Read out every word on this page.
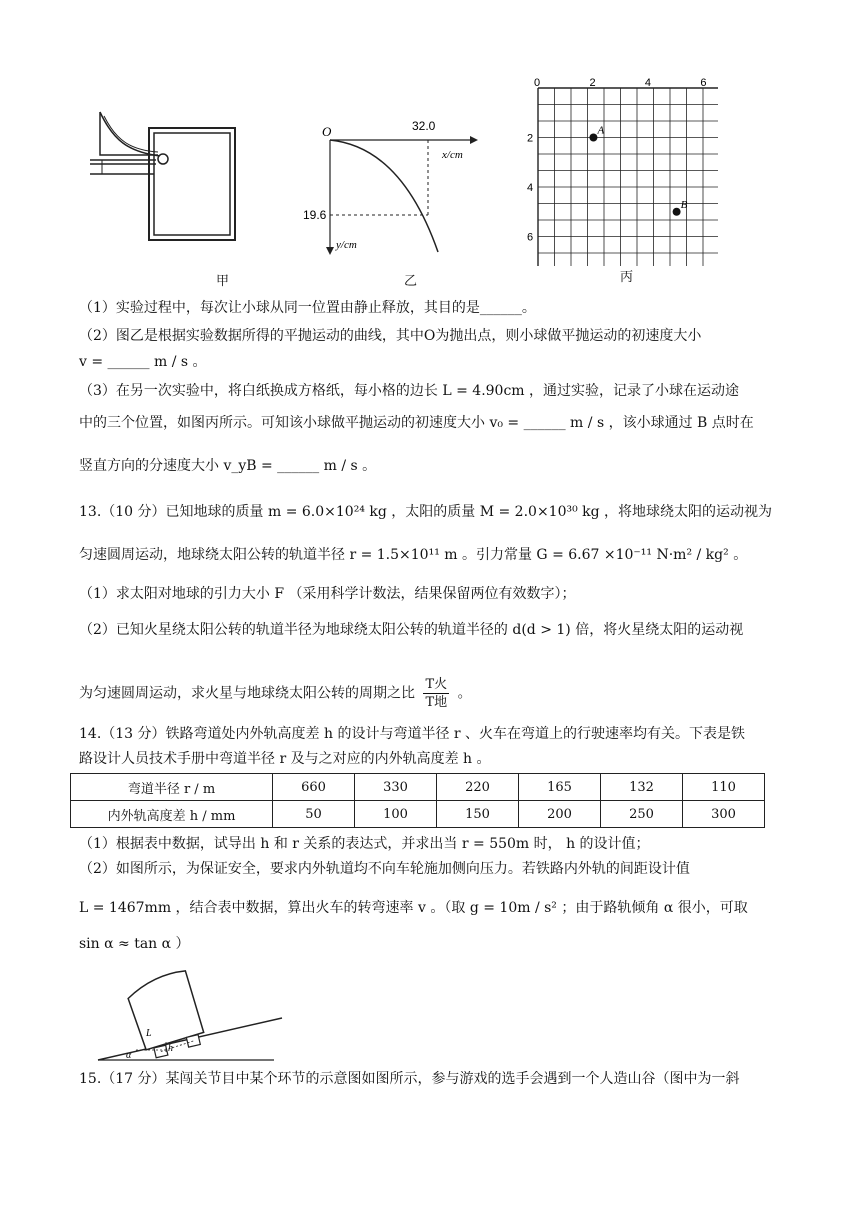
甲
O	32.0
x/cm
19.6
y/cm
乙
0	2	4	6
2
4
6
A
B
丙
（1）实验过程中，每次让小球从同一位置由静止释放，其目的是______。
（2）图乙是根据实验数据所得的平抛运动的曲线，其中O为抛出点，则小球做平抛运动的初速度大小
v = ______ m / s 。
（3）在另一次实验中，将白纸换成方格纸，每小格的边长 L = 4.90cm ，通过实验，记录了小球在运动途
中的三个位置，如图丙所示。可知该小球做平抛运动的初速度大小 v₀ = ______ m / s ，该小球通过 B 点时在
竖直方向的分速度大小 v_yB = ______ m / s 。
13.（10 分）已知地球的质量 m = 6.0×10²⁴ kg ，太阳的质量 M = 2.0×10³⁰ kg ，将地球绕太阳的运动视为
匀速圆周运动，地球绕太阳公转的轨道半径 r = 1.5×10¹¹ m 。引力常量 G = 6.67 ×10⁻¹¹ N·m² / kg² 。
（1）求太阳对地球的引力大小 F （采用科学计数法，结果保留两位有效数字）；
（2）已知火星绕太阳公转的轨道半径为地球绕太阳公转的轨道半径的 d(d > 1) 倍，将火星绕太阳的运动视
为匀速圆周运动，求火星与地球绕太阳公转的周期之比
T火
T地
。
14.（13 分）铁路弯道处内外轨高度差 h 的设计与弯道半径 r 、火车在弯道上的行驶速率均有关。下表是铁
路设计人员技术手册中弯道半径 r 及与之对应的内外轨高度差 h 。
弯道半径 r / m	660	330	220	165	132	110
内外轨高度差 h / mm	50	100	150	200	250	300
（1）根据表中数据，试导出 h 和 r 关系的表达式，并求出当 r = 550m 时， h 的设计值；
（2）如图所示，为保证安全，要求内外轨道均不向车轮施加侧向压力。若铁路内外轨的间距设计值
L = 1467mm ，结合表中数据，算出火车的转弯速率 v 。（取 g = 10m / s² ；由于路轨倾角 α 很小，可取
sin α ≈ tan α ）
h
L
α
15.（17 分）某闯关节目中某个环节的示意图如图所示，参与游戏的选手会遇到一个人造山谷（图中为一斜
